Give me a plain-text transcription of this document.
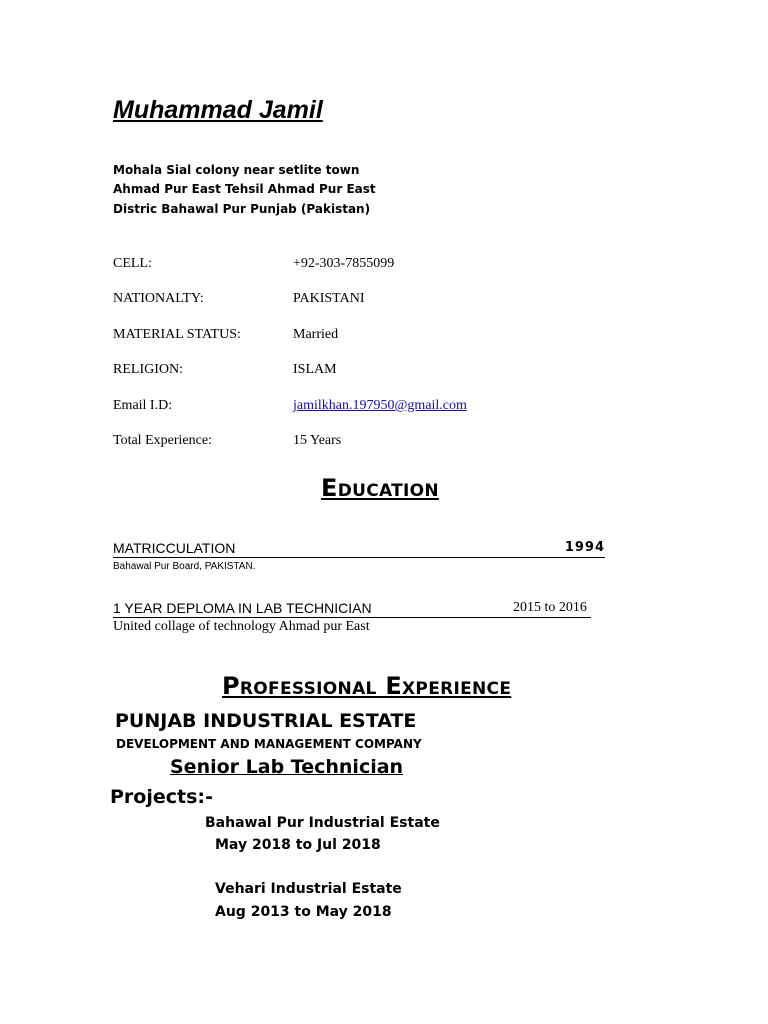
Muhammad Jamil
Mohala Sial colony near setlite town
Ahmad Pur East Tehsil Ahmad Pur East
Distric Bahawal Pur Punjab (Pakistan)
CELL:	+92-303-7855099
NATIONALTY:	PAKISTANI
MATERIAL STATUS:	Married
RELIGION:	ISLAM
Email I.D:	jamilkhan.197950@gmail.com
Total Experience:	15 Years
Education
MATRICCULATION	1994
Bahawal Pur Board, PAKISTAN.
1 YEAR DEPLOMA IN LAB TECHNICIAN	2015 to 2016
United collage of technology Ahmad pur East
Professional Experience
PUNJAB INDUSTRIAL ESTATE
DEVELOPMENT AND MANAGEMENT COMPANY
Senior Lab Technician
Projects:-
Bahawal Pur Industrial Estate
May 2018 to Jul 2018
Vehari Industrial Estate
Aug 2013 to May 2018
